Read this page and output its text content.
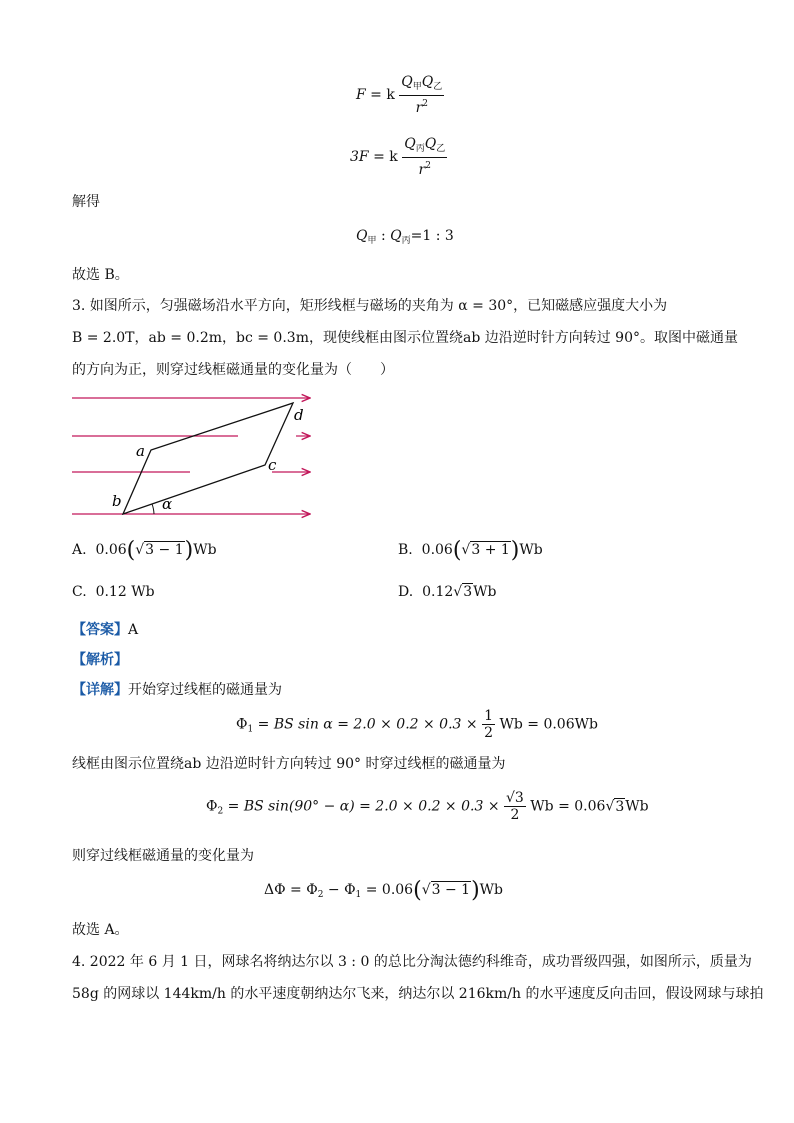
F = k $\frac{Q_甲Q_乙}{r^2}$
3F = k $\frac{Q_丙Q_乙}{r^2}$
解得
$Q_甲$ : $Q_丙=1$ : 3
故选 B。
3. 如图所示，匀强磁场沿水平方向，矩形线框与磁场的夹角为 α = 30°，已知磁感应强度大小为
B = 2.0T，ab = 0.2m，bc = 0.3m，现使线框由图示位置绕ab 边沿逆时针方向转过 90°。取图中磁通量
的方向为正，则穿过线框磁通量的变化量为（　　）
a
b
c
d
α
A. 0.06(√3 − 1)Wb	B. 0.06(√3 + 1)Wb
C. 0.12 Wb	D. 0.12√3Wb
【答案】A
【解析】
【详解】开始穿过线框的磁通量为
$\Phi_1$ = BS $\sin \alpha = 2.0 \times 0.2 \times 0.3 \times \frac{1}{2}$ Wb = 0.06Wb
线框由图示位置绕ab 边沿逆时针方向转过 90° 时穿过线框的磁通量为
$\Phi_2$ = BS $\sin(90^\circ - \alpha) = 2.0 \times 0.2 \times 0.3 \times \frac{√3}{2}$ Wb = 0.06√3Wb
则穿过线框磁通量的变化量为
$\Delta\Phi = \Phi_2 - \Phi_1 = 0.06(√3 - 1)Wb$
故选 A。
4. 2022 年 6 月 1 日，网球名将纳达尔以 3 : 0 的总比分淘汰德约科维奇，成功晋级四强，如图所示，质量为
58g 的网球以 144km/h 的水平速度朝纳达尔飞来，纳达尔以 216km/h 的水平速度反向击回，假设网球与球拍
